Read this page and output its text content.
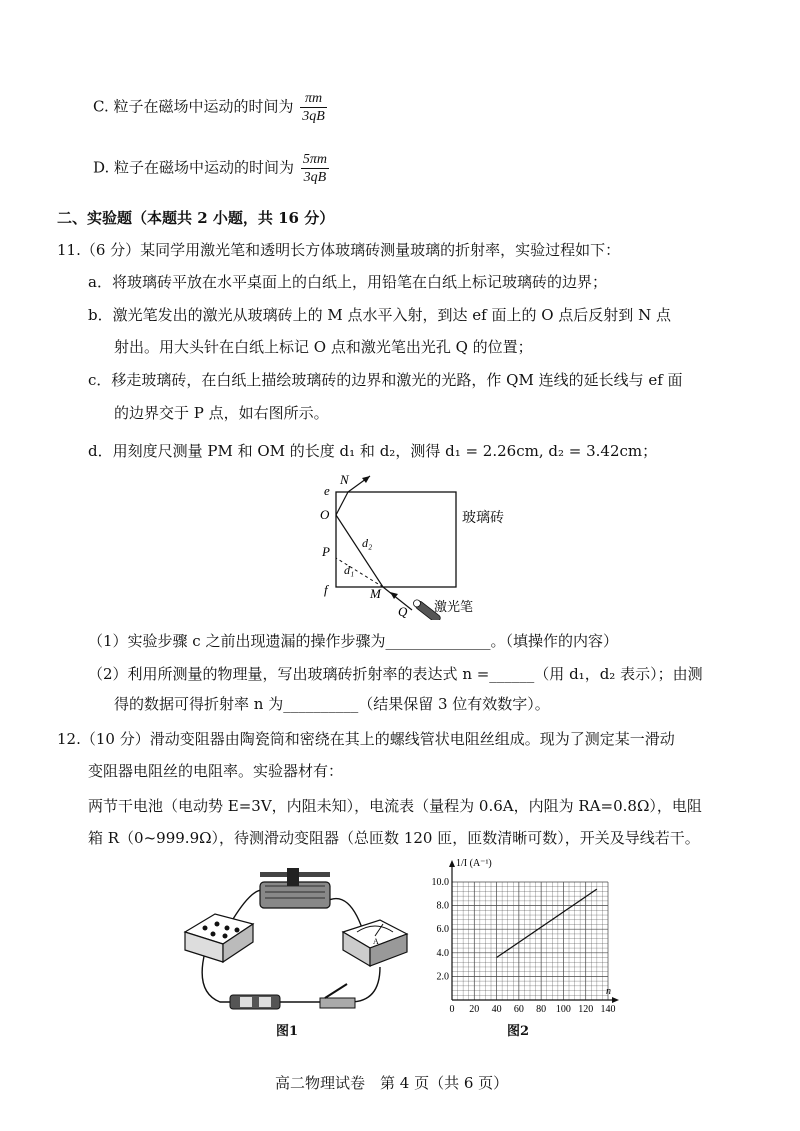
C. 粒子在磁场中运动的时间为 $\frac{\pi m}{3qB}$
D. 粒子在磁场中运动的时间为 $\frac{5\pi m}{3qB}$
二、实验题（本题共 2 小题，共 16 分）
11.（6 分）某同学用激光笔和透明长方体玻璃砖测量玻璃的折射率，实验过程如下：
a．将玻璃砖平放在水平桌面上的白纸上，用铅笔在白纸上标记玻璃砖的边界；
b．激光笔发出的激光从玻璃砖上的 M 点水平入射，到达 ef 面上的 O 点后反射到 N 点
射出。用大头针在白纸上标记 O 点和激光笔出光孔 Q 的位置；
c．移走玻璃砖，在白纸上描绘玻璃砖的边界和激光的光路，作 QM 连线的延长线与 ef 面
的边界交于 P 点，如右图所示。
d．用刻度尺测量 PM 和 OM 的长度 d₁ 和 d₂，测得 d₁ = 2.26cm, d₂ = 3.42cm；
e
N
O
P
f	M
Q
d₂
d₁
玻璃砖
激光笔
（1）实验步骤 c 之前出现遗漏的操作步骤为______________。（填操作的内容）
（2）利用所测量的物理量，写出玻璃砖折射率的表达式 n =______（用 d₁，d₂ 表示）；由测
得的数据可得折射率 n 为__________（结果保留 3 位有效数字）。
12.（10 分）滑动变阻器由陶瓷筒和密绕在其上的螺线管状电阻丝组成。现为了测定某一滑动
变阻器电阻丝的电阻率。实验器材有：
两节干电池（电动势 E=3V，内阻未知），电流表（量程为 0.6A，内阻为 RA=0.8Ω），电阻
箱 R（0~999.9Ω），待测滑动变阻器（总匝数 120 匝，匝数清晰可数），开关及导线若干。
A
图1
0 20 40 60 80 100 120 140
2.0
4.0
6.0
8.0
10.0
1/I (A⁻¹)
n
图2
高二物理试卷　第 4 页（共 6 页）
